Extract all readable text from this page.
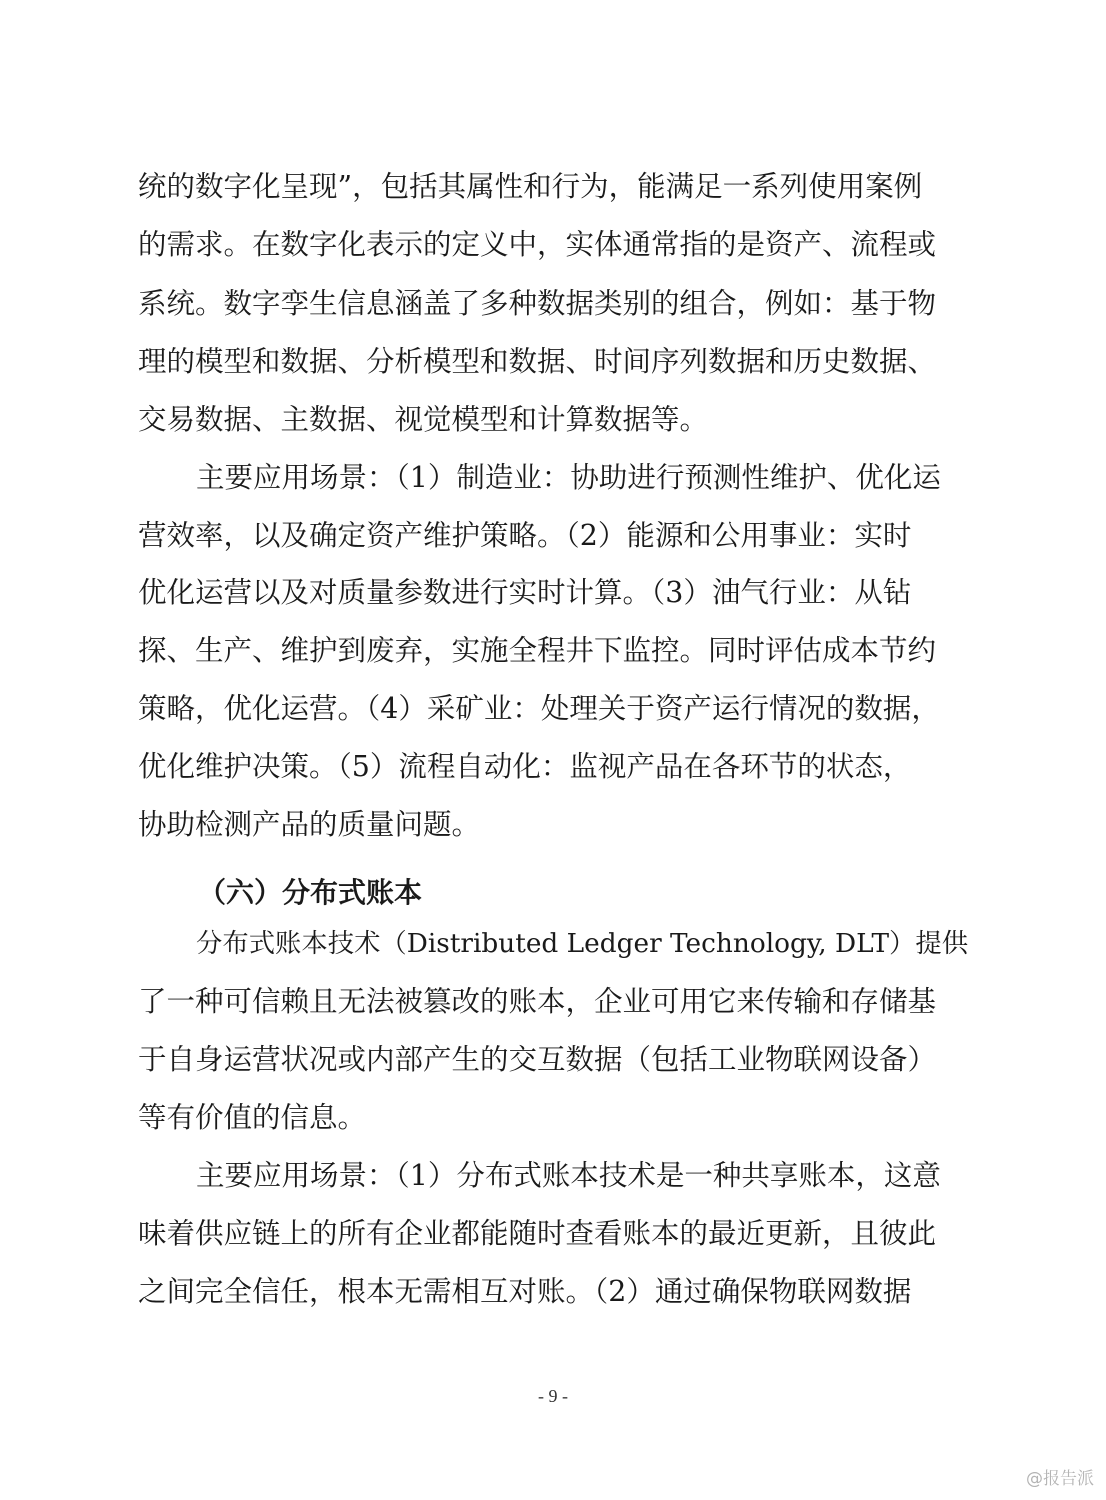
统的数字化呈现”，包括其属性和行为，能满足一系列使用案例
的需求。在数字化表示的定义中，实体通常指的是资产、流程或
系统。数字孪生信息涵盖了多种数据类别的组合，例如：基于物
理的模型和数据、分析模型和数据、时间序列数据和历史数据、
交易数据、主数据、视觉模型和计算数据等。
主要应用场景：（1）制造业：协助进行预测性维护、优化运
营效率，以及确定资产维护策略。（2）能源和公用事业：实时
优化运营以及对质量参数进行实时计算。（3）油气行业：从钻
探、生产、维护到废弃，实施全程井下监控。同时评估成本节约
策略，优化运营。（4）采矿业：处理关于资产运行情况的数据，
优化维护决策。（5）流程自动化：监视产品在各环节的状态，
协助检测产品的质量问题。
（六）分布式账本
分布式账本技术（Distributed Ledger Technology, DLT）提供
了一种可信赖且无法被篡改的账本，企业可用它来传输和存储基
于自身运营状况或内部产生的交互数据（包括工业物联网设备）
等有价值的信息。
主要应用场景：（1）分布式账本技术是一种共享账本，这意
味着供应链上的所有企业都能随时查看账本的最近更新，且彼此
之间完全信任，根本无需相互对账。（2）通过确保物联网数据
- 9 -
@报告派
